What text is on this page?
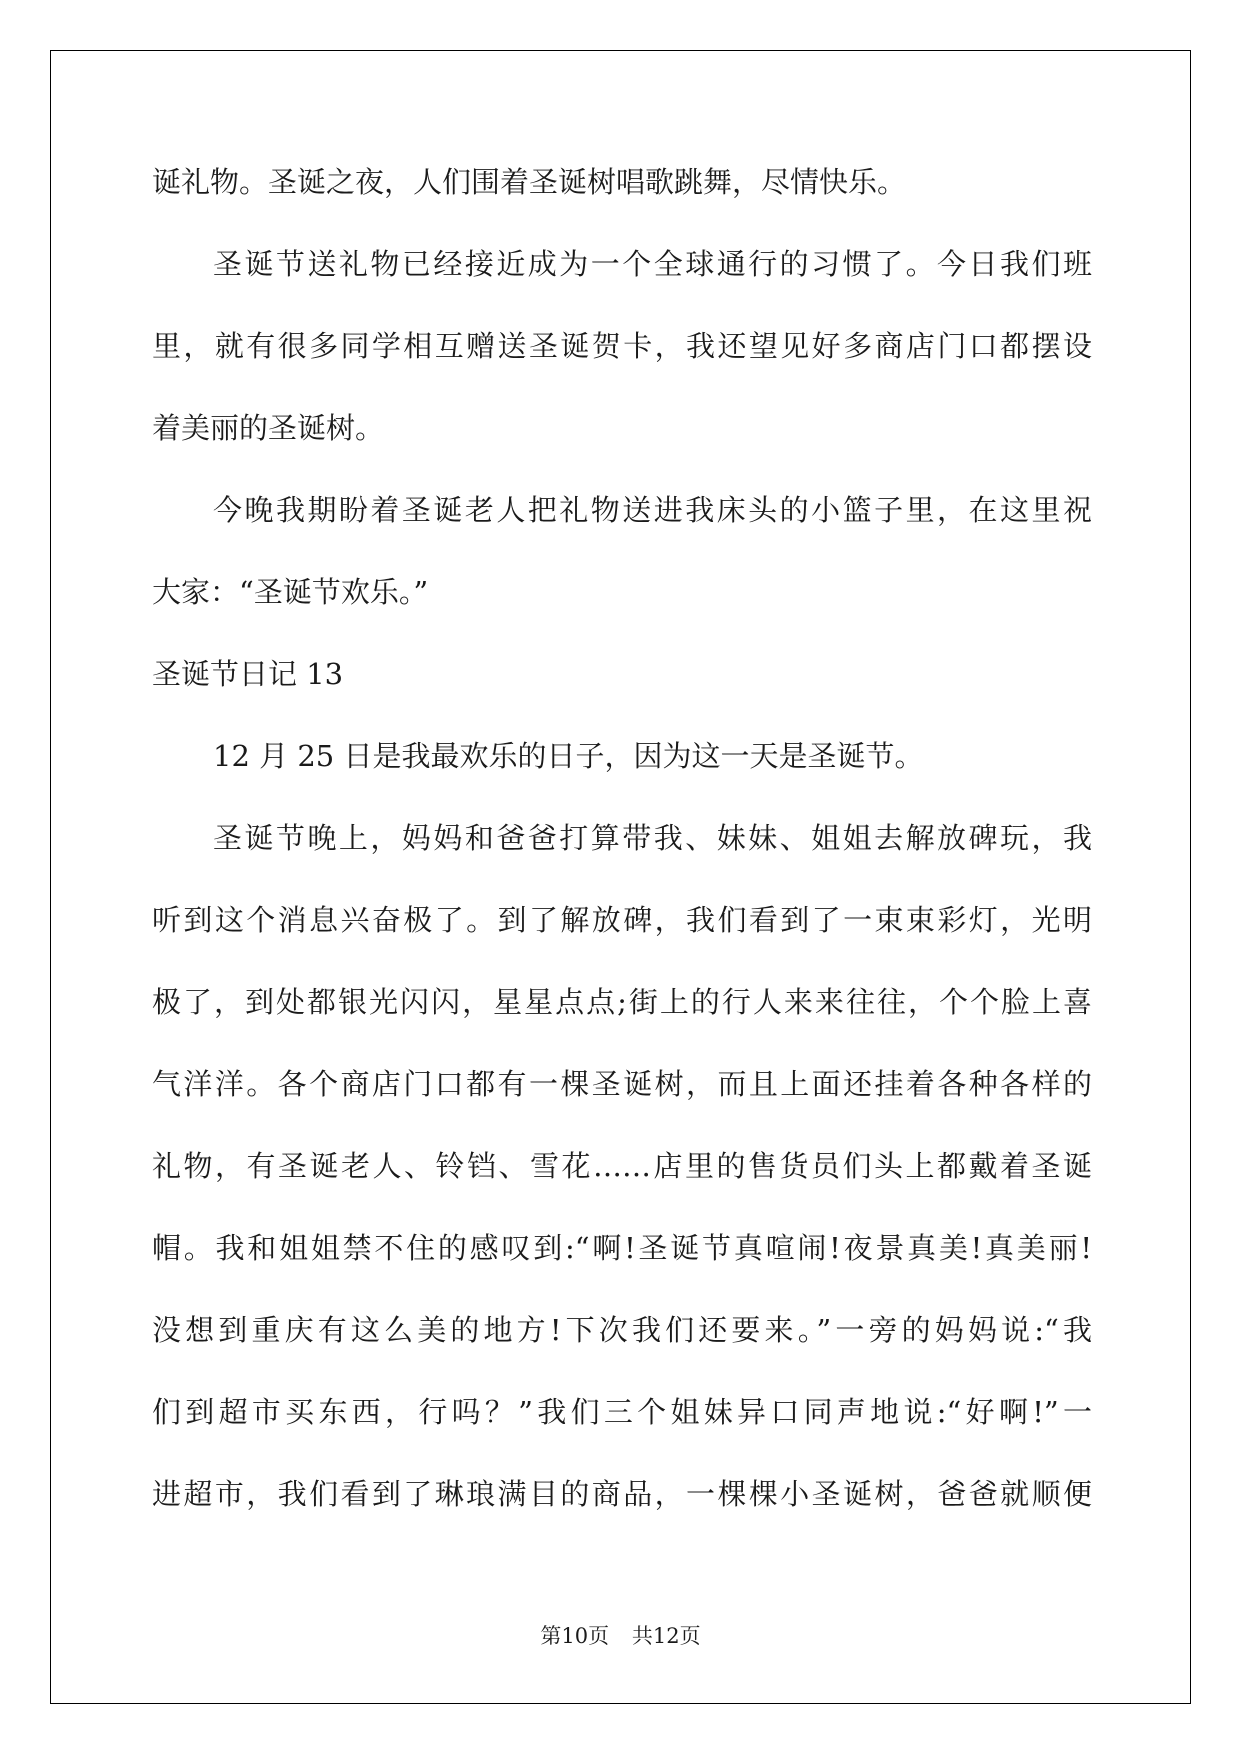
诞礼物。圣诞之夜，人们围着圣诞树唱歌跳舞，尽情快乐。
圣诞节送礼物已经接近成为一个全球通行的习惯了。今日我们班
里，就有很多同学相互赠送圣诞贺卡，我还望见好多商店门口都摆设
着美丽的圣诞树。
今晚我期盼着圣诞老人把礼物送进我床头的小篮子里，在这里祝
大家：“圣诞节欢乐。”
圣诞节日记 13
12 月 25 日是我最欢乐的日子，因为这一天是圣诞节。
圣诞节晚上，妈妈和爸爸打算带我、妹妹、姐姐去解放碑玩，我
听到这个消息兴奋极了。到了解放碑，我们看到了一束束彩灯，光明
极了，到处都银光闪闪，星星点点;街上的行人来来往往，个个脸上喜
气洋洋。各个商店门口都有一棵圣诞树，而且上面还挂着各种各样的
礼物，有圣诞老人、铃铛、雪花……店里的售货员们头上都戴着圣诞
帽。我和姐姐禁不住的感叹到:“啊!圣诞节真喧闹!夜景真美!真美丽!
没想到重庆有这么美的地方!下次我们还要来。”一旁的妈妈说:“我
们到超市买东西，行吗？”我们三个姐妹异口同声地说:“好啊!”一
进超市，我们看到了琳琅满目的商品，一棵棵小圣诞树，爸爸就顺便
第10页 共12页
